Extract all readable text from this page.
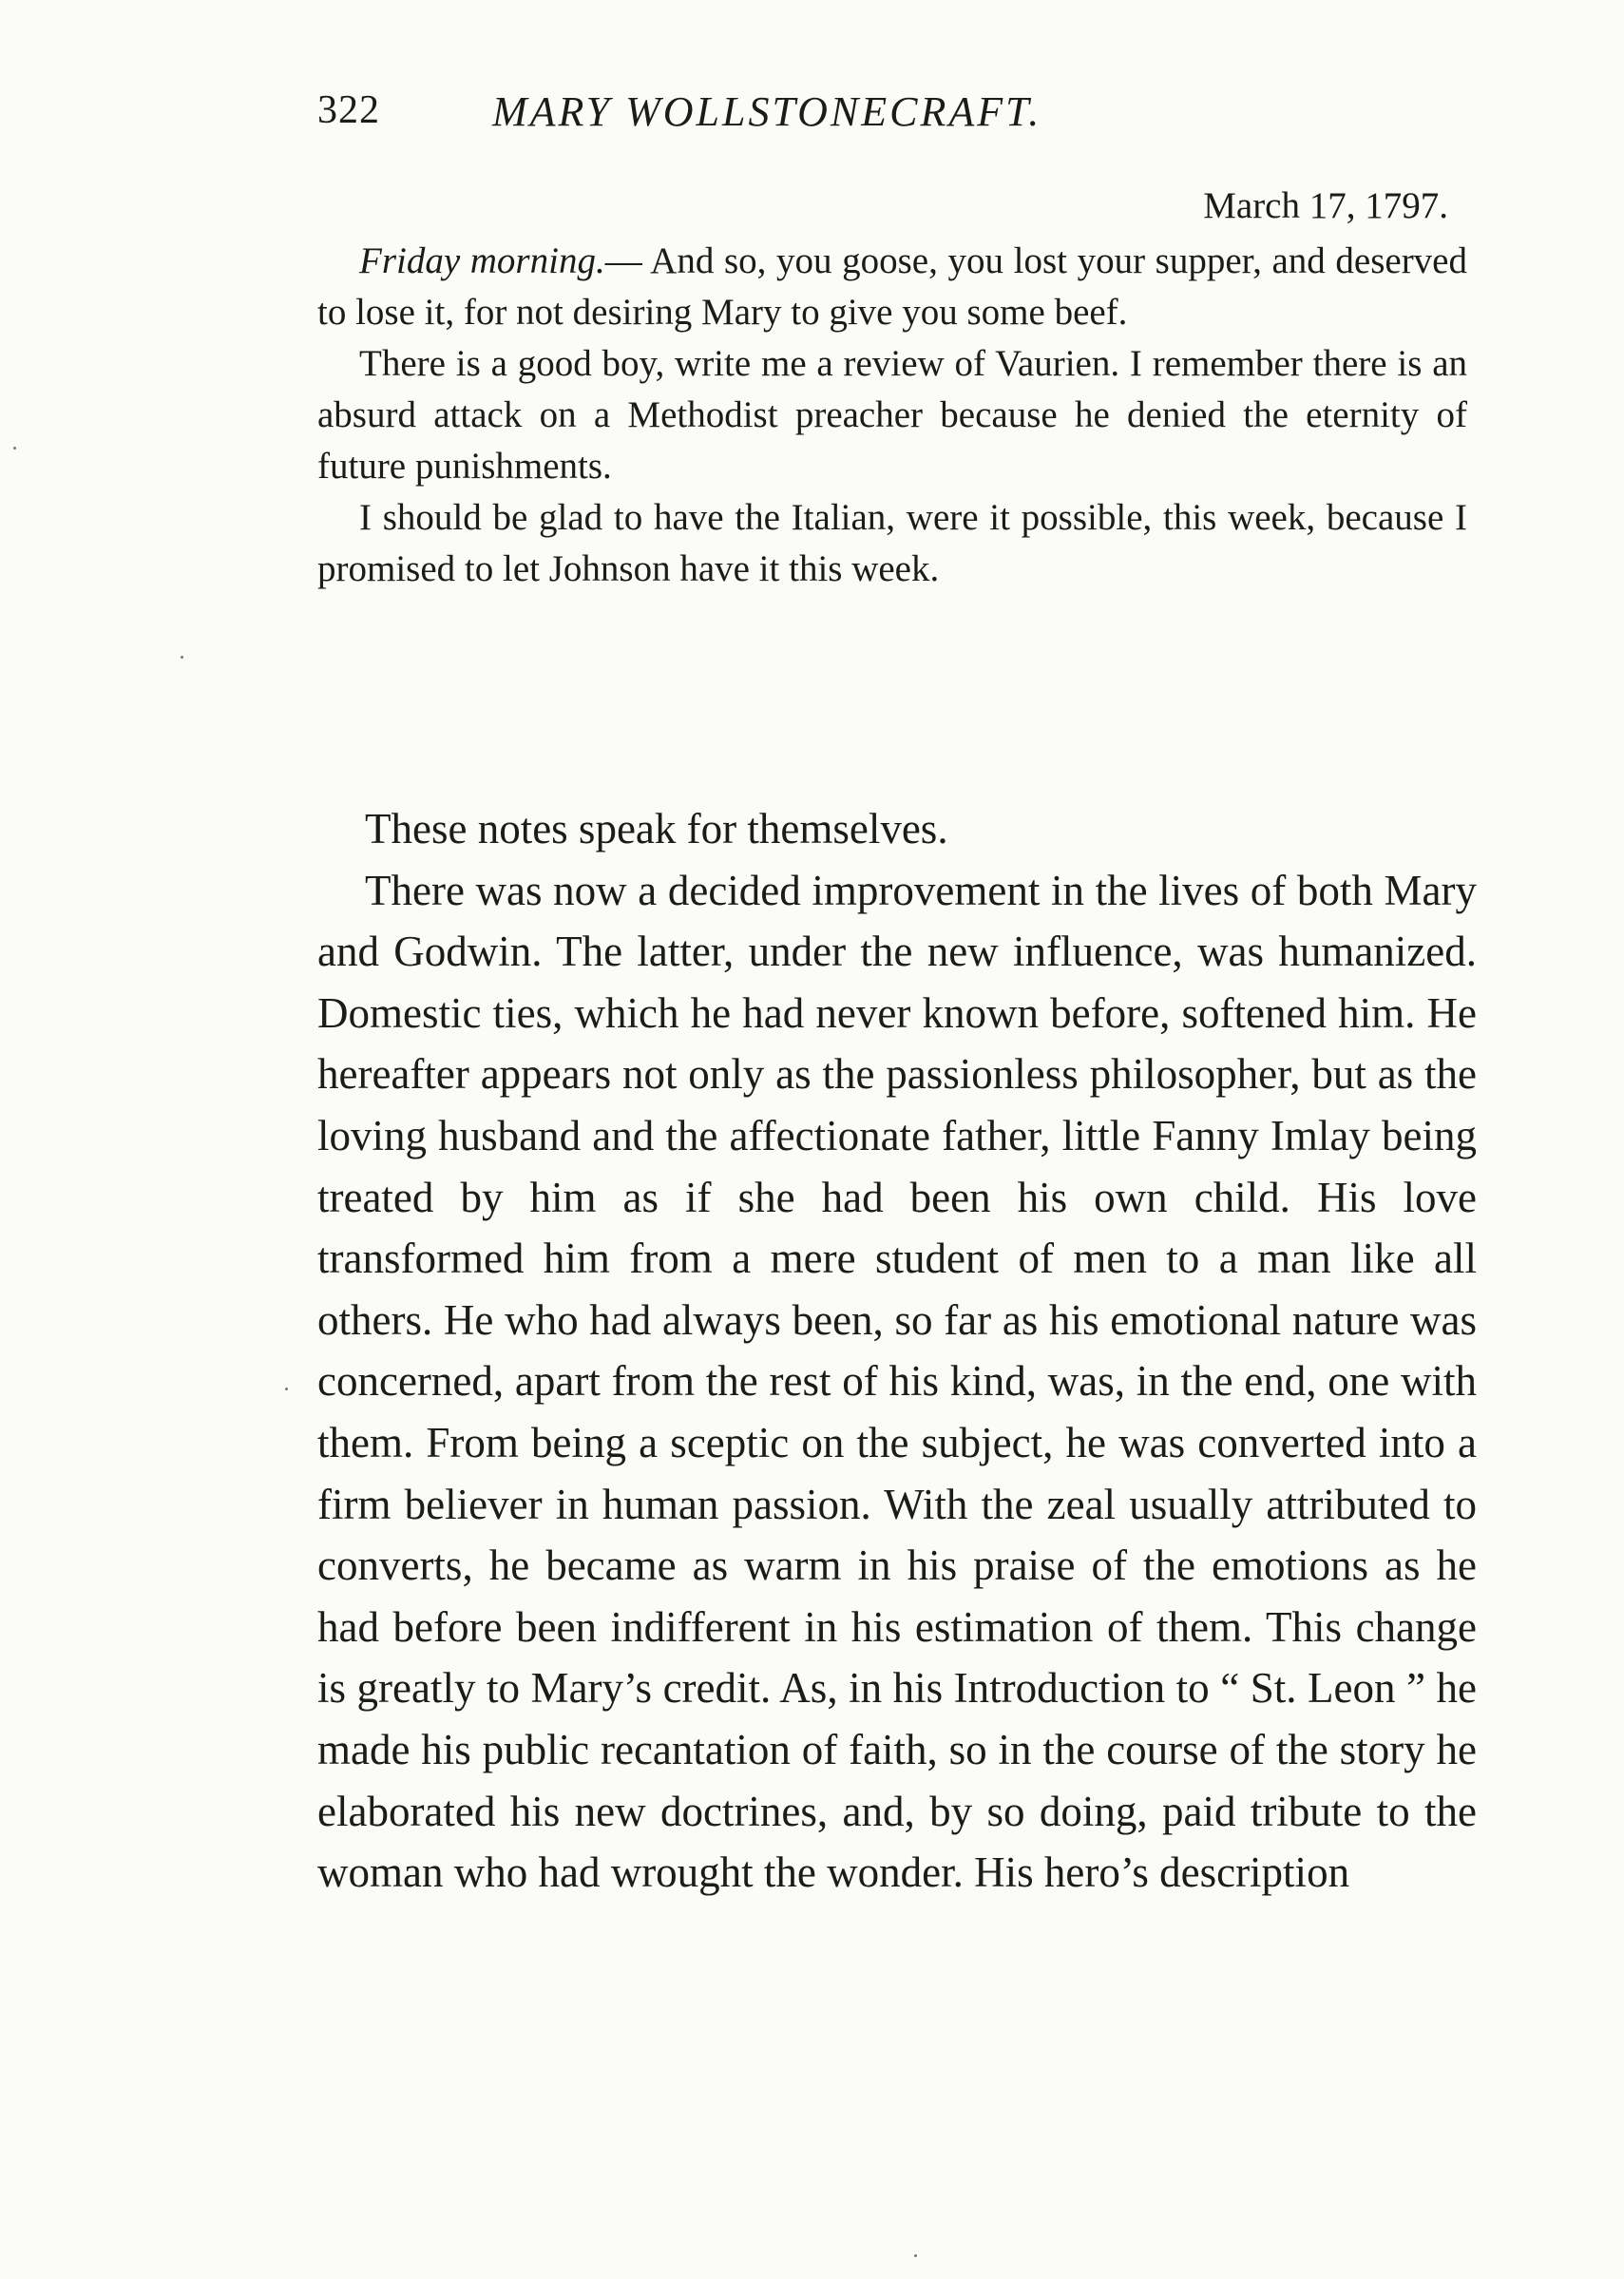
322	MARY WOLLSTONECRAFT.
March 17, 1797.

Friday morning.— And so, you goose, you lost your supper, and deserved to lose it, for not desiring Mary to give you some beef.

There is a good boy, write me a review of Vaurien. I remember there is an absurd attack on a Methodist preacher because he denied the eternity of future punishments.

I should be glad to have the Italian, were it possible, this week, because I promised to let Johnson have it this week.

These notes speak for themselves.

There was now a decided improvement in the lives of both Mary and Godwin. The latter, under the new influence, was humanized. Domestic ties, which he had never known before, softened him. He hereafter appears not only as the passionless philosopher, but as the loving husband and the affectionate father, little Fanny Imlay being treated by him as if she had been his own child. His love transformed him from a mere student of men to a man like all others. He who had always been, so far as his emotional nature was concerned, apart from the rest of his kind, was, in the end, one with them. From being a sceptic on the subject, he was converted into a firm believer in human passion. With the zeal usually attributed to converts, he became as warm in his praise of the emotions as he had before been indifferent in his estimation of them. This change is greatly to Mary’s credit. As, in his Introduction to “ St. Leon ” he made his public recantation of faith, so in the course of the story he elaborated his new doctrines, and, by so doing, paid tribute to the woman who had wrought the wonder. His hero’s description
